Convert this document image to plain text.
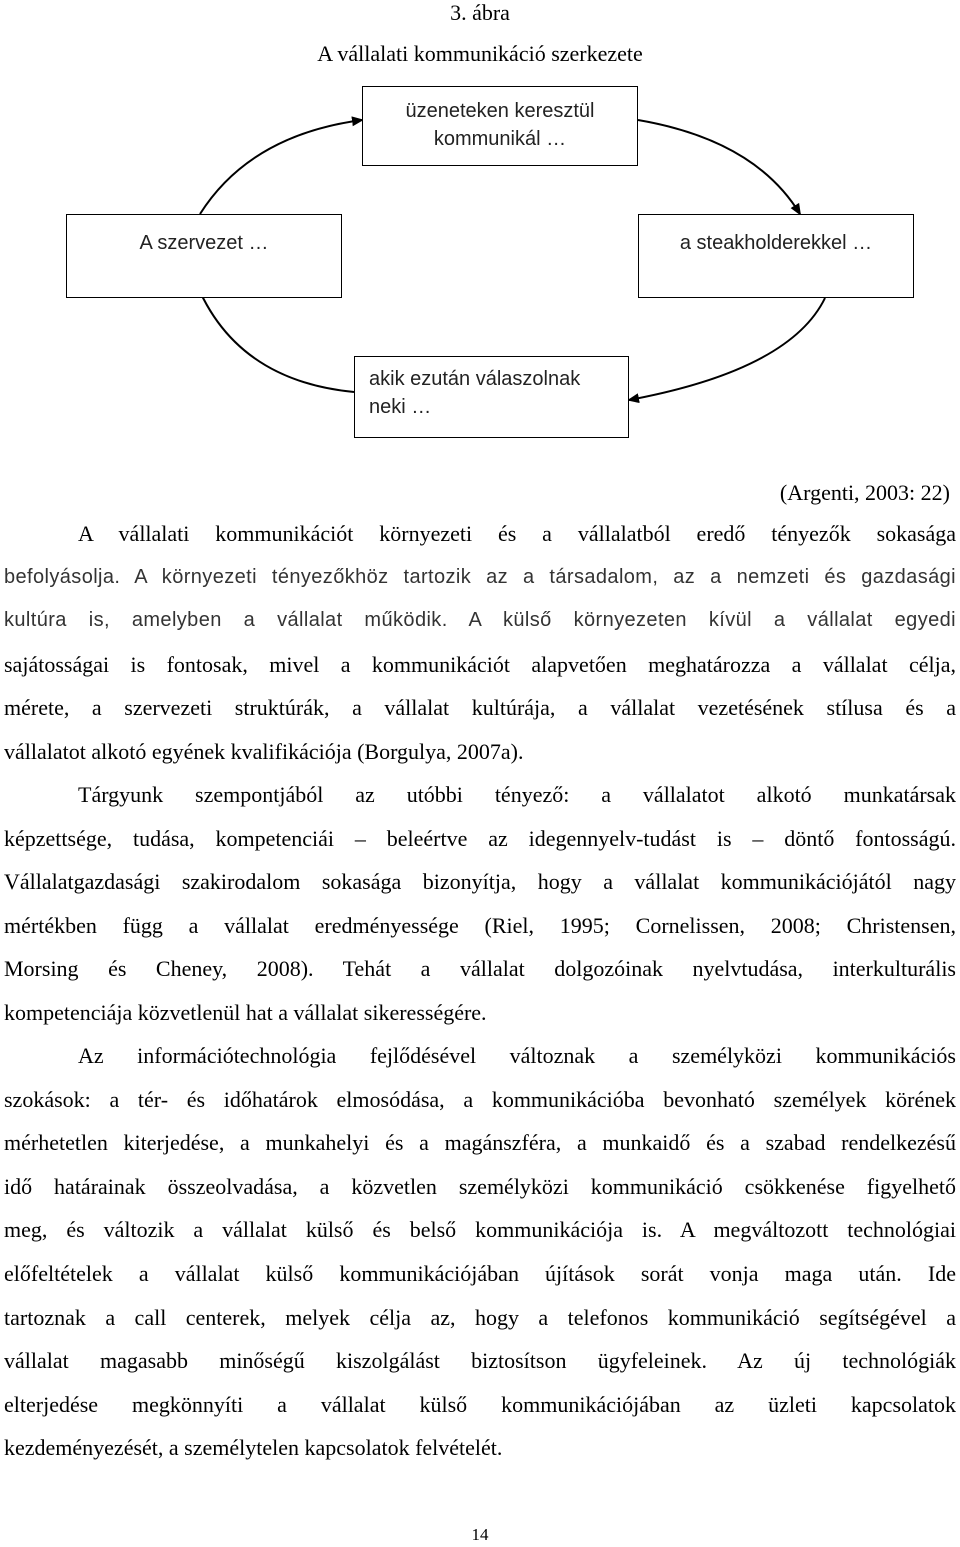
3. ábra
A vállalati kommunikáció szerkezete
üzeneteken keresztül
kommunikál …
A szervezet …	a steakholderekkel …
akik ezután válaszolnak
neki …
(Argenti, 2003: 22)
A vállalati kommunikációt környezeti és a vállalatból eredő tényezők sokasága
befolyásolja. A környezeti tényezőkhöz tartozik az a társadalom, az a nemzeti és gazdasági
kultúra is, amelyben a vállalat működik. A külső környezeten kívül a vállalat egyedi
sajátosságai is fontosak, mivel a kommunikációt alapvetően meghatározza a vállalat célja,
mérete, a szervezeti struktúrák, a vállalat kultúrája, a vállalat vezetésének stílusa és a
vállalatot alkotó egyének kvalifikációja (Borgulya, 2007a).
Tárgyunk szempontjából az utóbbi tényező: a vállalatot alkotó munkatársak
képzettsége, tudása, kompetenciái – beleértve az idegennyelv-tudást is – döntő fontosságú.
Vállalatgazdasági szakirodalom sokasága bizonyítja, hogy a vállalat kommunikációjától nagy
mértékben függ a vállalat eredményessége (Riel, 1995; Cornelissen, 2008; Christensen,
Morsing és Cheney, 2008). Tehát a vállalat dolgozóinak nyelvtudása, interkulturális
kompetenciája közvetlenül hat a vállalat sikerességére.
Az információtechnológia fejlődésével változnak a személyközi kommunikációs
szokások: a tér- és időhatárok elmosódása, a kommunikációba bevonható személyek körének
mérhetetlen kiterjedése, a munkahelyi és a magánszféra, a munkaidő és a szabad rendelkezésű
idő határainak összeolvadása, a közvetlen személyközi kommunikáció csökkenése figyelhető
meg, és változik a vállalat külső és belső kommunikációja is. A megváltozott technológiai
előfeltételek a vállalat külső kommunikációjában újítások sorát vonja maga után. Ide
tartoznak a call centerek, melyek célja az, hogy a telefonos kommunikáció segítségével a
vállalat magasabb minőségű kiszolgálást biztosítson ügyfeleinek. Az új technológiák
elterjedése megkönnyíti a vállalat külső kommunikációjában az üzleti kapcsolatok
kezdeményezését, a személytelen kapcsolatok felvételét.
14
